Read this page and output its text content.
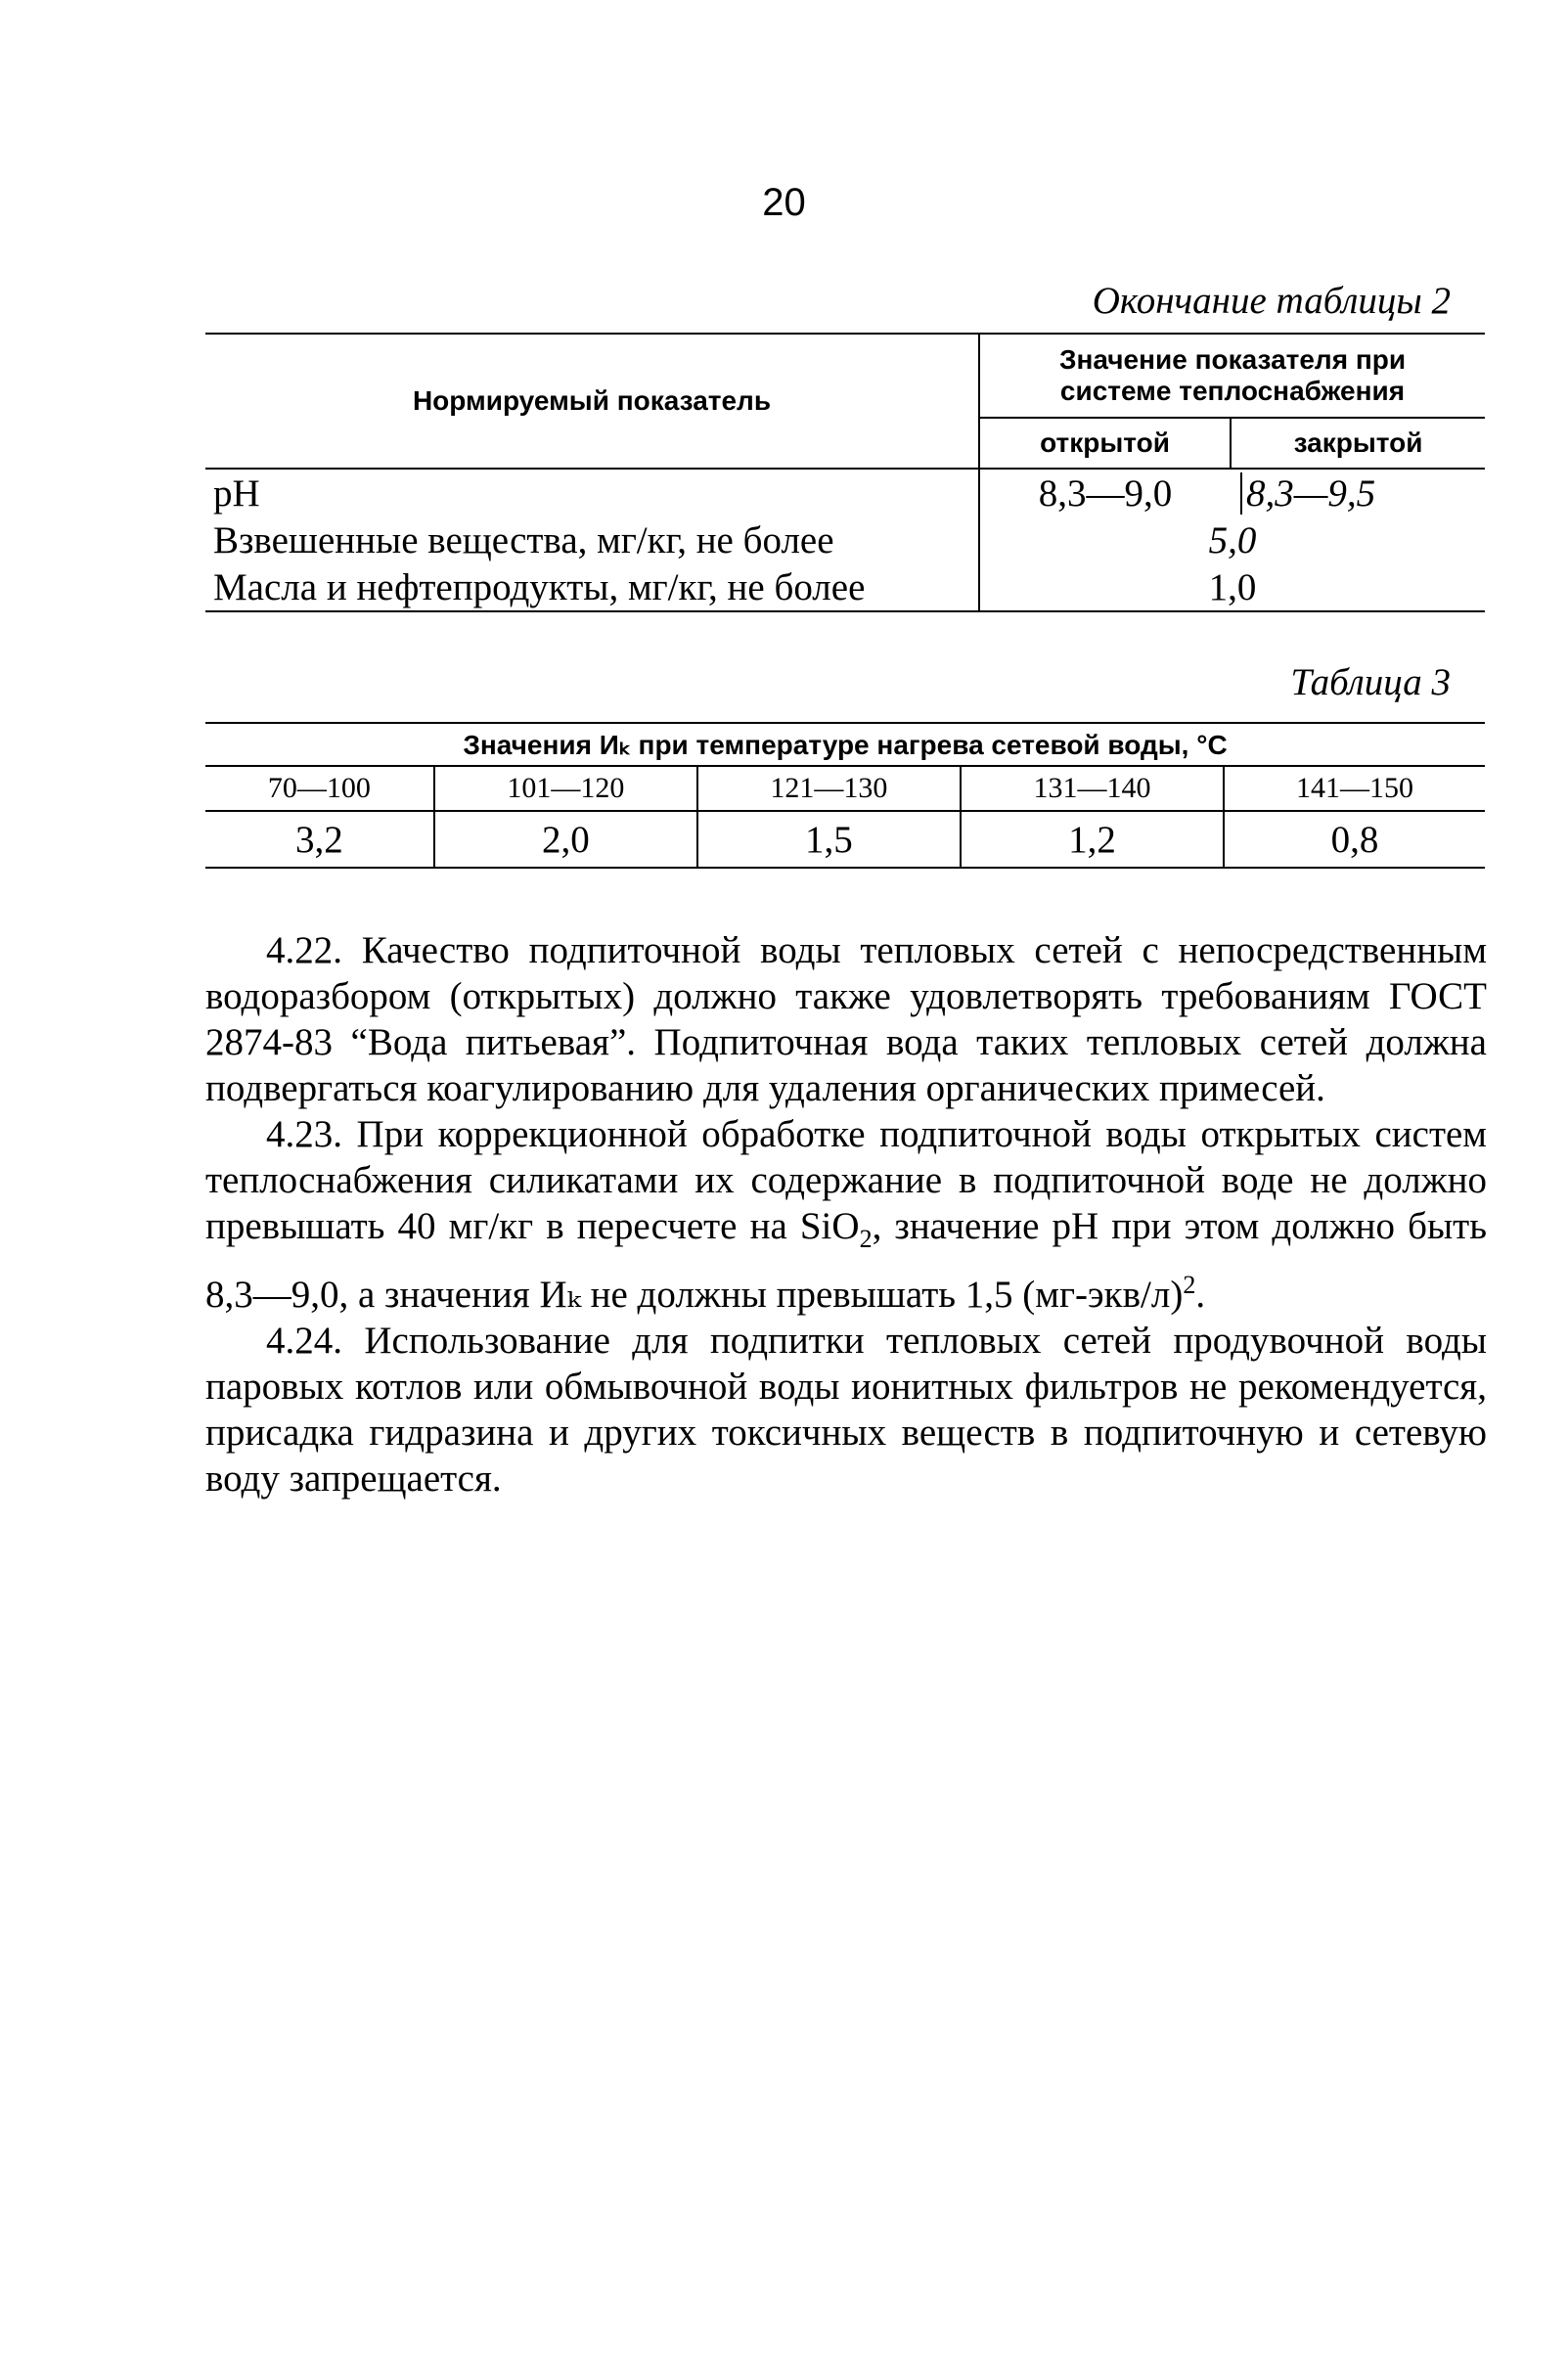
20
Окончание таблицы 2
Нормируемый показатель	Значение показателя при системе теплоснабжения	
	открытой	закрытой
pH	8,3—9,0	8,3—9,5
Взвешенные вещества, мг/кг, не более	5,0	
Масла и нефтепродукты, мг/кг, не более	1,0	
Таблица 3
Значения Иₖ при температуре нагрева сетевой воды, °С				
70—100	101—120	121—130	131—140	141—150
3,2	2,0	1,5	1,2	0,8

4.22. Качество подпиточной воды тепловых сетей с непосредственным водоразбором (открытых) должно также удовлетворять требованиям ГОСТ 2874-83 “Вода питьевая”. Подпиточная вода таких тепловых сетей должна подвергаться коагулированию для удаления органических примесей.

4.23. При коррекционной обработке подпиточной воды открытых систем теплоснабжения силикатами их содержание в подпиточной воде не должно превышать 40 мг/кг в пересчете на SiO$_2$, значение pH при этом должно быть 8,3—9,0, а значения Иₖ не должны превышать 1,5 $(мг-экв/л)^2$.

4.24. Использование для подпитки тепловых сетей продувочной воды паровых котлов или обмывочной воды ионитных фильтров не рекомендуется, присадка гидразина и других токсичных веществ в подпиточную и сетевую воду запрещается.
